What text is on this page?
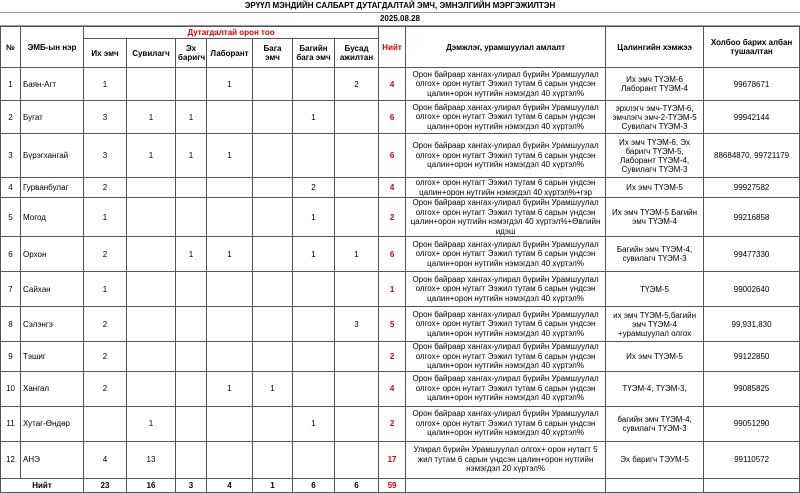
ЭРҮҮЛ МЭНДИЙН САЛБАРТ ДУТАГДАЛТАЙ ЭМЧ, ЭМНЭЛГИЙН МЭРГЭЖИЛТЭН
2025.08.28
№	ЭМБ-ын нэр	Дутагдалтай орон тоо							Нийт	Дэмжлэг, урамшуулал амлалт	Цалингийн хэмжээ	Холбоо барих албан тушаалтан
		Их эмч	Сувилагч	Эх баригч	Лаборант	Бага эмч	Багийн бага эмч	Бусад ажилтан				
1	Баян-Агт	1			1			2	4	Орон байраар хангах-улирал бүрийн Урамшуулал олгох+ орон нутагт Ээжил тутам 6 сарын үндсэн цалин+орон нутгийн нэмэгдэл 40 хүртэл%	Их эмч ТҮЭМ-6 Лаборант ТҮЭМ-4	99678671
2	Бугат	3	1	1			1		6	Орон байраар хангах-улирал бүрийн Урамшуулал олгох+ орон нутагт Ээжил тутам 6 сарын үндсэн цалин+орон нутгийн нэмэгдэл 40 хүртэл%	эрхлэгч эмч-ТҮЭМ-6, эмчлэгч эмч-2-ТҮЭМ-5 Сувилагч ТҮЭМ-3	99942144
3	Бүрэгхангай	3	1	1	1				6	Орон байраар хангах-улирал бүрийн Урамшуулал олгох+ орон нутагт Ээжил тутам 6 сарын үндсэн цалин+орон нутгийн нэмэгдэл 40 хүртэл%	Их эмч ТҮЭМ-6, Эх баригч ТҮЭМ-5, Лаборант ТҮЭМ-4, Сувилагч ТҮЭМ-3	88684870, 99721179
4	Гурванбулаг	2					2		4	олгох+ орон нутагт Ээжил тутам 6 сарын үндсэн цалин+орон нутгийн нэмэгдэл 40 хүртэл%+гэр	Их эмч ТҮЭМ-5	99927582
5	Могод	1					1		2	Орон байраар хангах-улирал бүрийн Урамшуулал олгох+ орон нутагт Ээжил тутам 6 сарын үндсэн цалин+орон нутгийн нэмэгдэл 40 хүртэл%+Өвлийн идэш	Их эмч ТҮЭМ-5 Багийн эмч ТҮЭМ-4	99216858
6	Орхон	2		1	1		1	1	6	Орон байраар хангах-улирал бүрийн Урамшуулал олгох+ орон нутагт Ээжил тутам 6 сарын үндсэн цалин+орон нутгийн нэмэгдэл 40 хүртэл%	Багийн эмч ТҮЭМ-4, сувилагч ТҮЭМ-3	99477330
7	Сайхан	1							1	Орон байраар хангах-улирал бүрийн Урамшуулал олгох+ орон нутагт Ээжил тутам 6 сарын үндсэн цалин+орон нутгийн нэмэгдэл 40 хүртэл%	ТҮЭМ-5	99002640
8	Сэлэнгэ	2						3	5	Орон байраар хангах-улирал бүрийн Урамшуулал олгох+ орон нутагт Ээжил тутам 6 сарын үндсэн цалин+орон нутгийн нэмэгдэл 40 хүртэл%	их эмч ТҮЭМ-5,багийн эмч ТҮЭМ-4 +урамшуулал олгох	99,931,830
9	Тэшиг	2							2	Орон байраар хангах-улирал бүрийн Урамшуулал олгох+ орон нутагт Ээжил тутам 6 сарын үндсэн цалин+орон нутгийн нэмэгдэл 40 хүртэл%	Их эмч ТҮЭМ-5	99122850
10	Хангал	2			1	1			4	Орон байраар хангах-улирал бүрийн Урамшуулал олгох+ орон нутагт Ээжил тутам 6 сарын үндсэн цалин+орон нутгийн нэмэгдэл 40 хүртэл%	ТҮЭМ-4, ТҮЭМ-3,	99085825
11	Хутаг-Өндөр		1				1		2	Орон байраар хангах-улирал бүрийн Урамшуулал олгох+ орон нутагт Ээжил тутам 6 сарын үндсэн цалин+орон нутгийн нэмэгдэл 40 хүртэл%	багийн эмч ТҮЭМ-4, сувилагч ТҮЭМ-3	99051290
12	АНЭ	4	13						17	Улирал бүрийн Урамшуулал олгох+ орон нутагт 5 жил тутам 6 сарын үндсэн цалин+орон нутгийн нэмэгдэл 20 хүртэл%	Эх баригч ТЭУМ-5	99110572
Нийт		23	16	3	4	1	6	6	59			
